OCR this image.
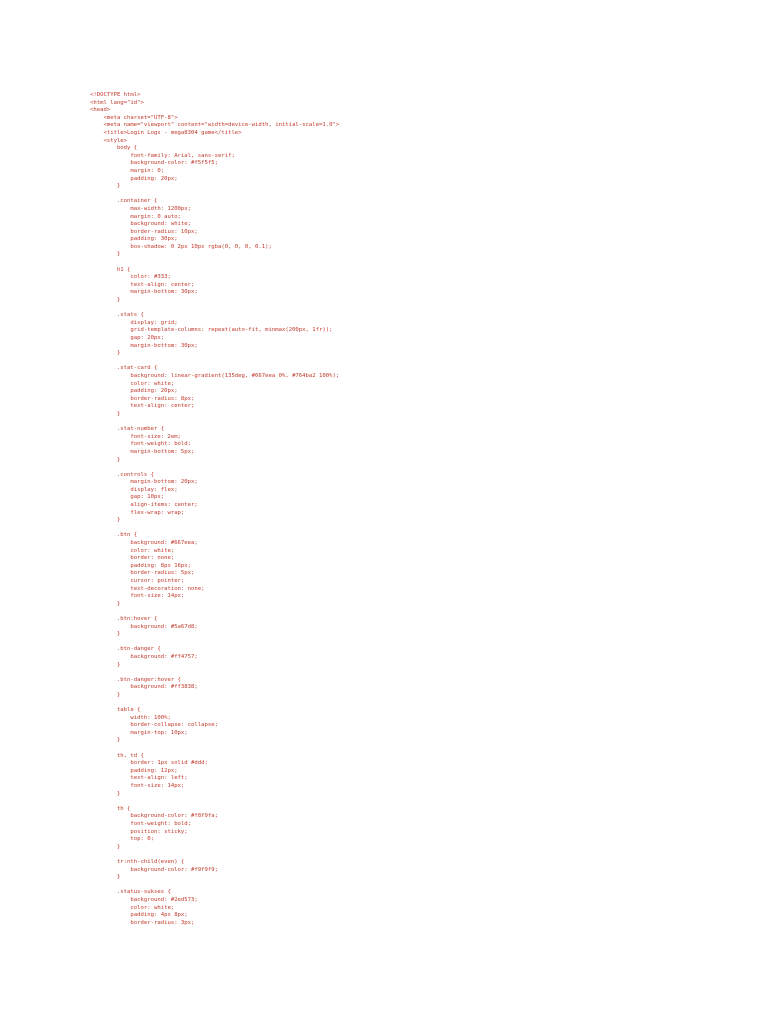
<!DOCTYPE html>
<html lang="id">
<head>
<meta charset="UTF-8">
<meta name="viewport" content="width=device-width, initial-scale=1.0">
<title>Login Logs - mega8304 game</title>
<style>
body {
font-family: Arial, sans-serif;
background-color: #f5f5f5;
margin: 0;
padding: 20px;
}
.container {
max-width: 1200px;
margin: 0 auto;
background: white;
border-radius: 10px;
padding: 30px;
box-shadow: 0 2px 10px rgba(0, 0, 0, 0.1);
}
h1 {
color: #333;
text-align: center;
margin-bottom: 30px;
}
.stats {
display: grid;
grid-template-columns: repeat(auto-fit, minmax(200px, 1fr));
gap: 20px;
margin-bottom: 30px;
}
.stat-card {
background: linear-gradient(135deg, #667eea 0%, #764ba2 100%);
color: white;
padding: 20px;
border-radius: 8px;
text-align: center;
}
.stat-number {
font-size: 2em;
font-weight: bold;
margin-bottom: 5px;
}
.controls {
margin-bottom: 20px;
display: flex;
gap: 10px;
align-items: center;
flex-wrap: wrap;
}
.btn {
background: #667eea;
color: white;
border: none;
padding: 8px 16px;
border-radius: 5px;
cursor: pointer;
text-decoration: none;
font-size: 14px;
}
.btn:hover {
background: #5a67d8;
}
.btn-danger {
background: #ff4757;
}
.btn-danger:hover {
background: #ff3838;
}
table {
width: 100%;
border-collapse: collapse;
margin-top: 10px;
}
th, td {
border: 1px solid #ddd;
padding: 12px;
text-align: left;
font-size: 14px;
}
th {
background-color: #f8f9fa;
font-weight: bold;
position: sticky;
top: 0;
}
tr:nth-child(even) {
background-color: #f9f9f9;
}
.status-sukses {
background: #2ed573;
color: white;
padding: 4px 8px;
border-radius: 3px;
